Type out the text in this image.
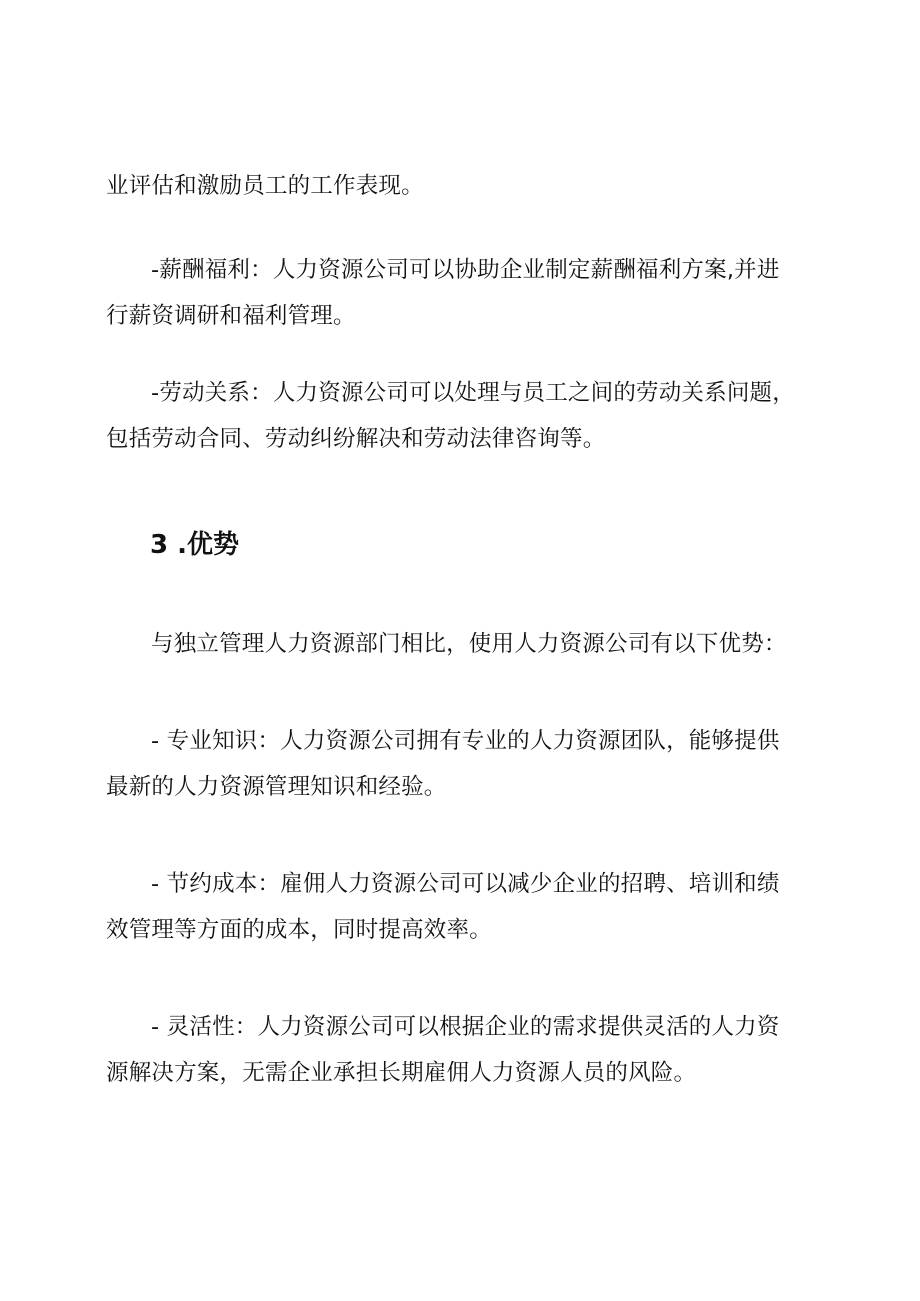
业评估和激励员工的工作表现。

-薪酬福利：人力资源公司可以协助企业制定薪酬福利方案,并进行薪资调研和福利管理。

-劳动关系：人力资源公司可以处理与员工之间的劳动关系问题，包括劳动合同、劳动纠纷解决和劳动法律咨询等。

3 .优势

与独立管理人力资源部门相比，使用人力资源公司有以下优势：

- 专业知识：人力资源公司拥有专业的人力资源团队，能够提供最新的人力资源管理知识和经验。

- 节约成本：雇佣人力资源公司可以减少企业的招聘、培训和绩效管理等方面的成本，同时提高效率。

- 灵活性：人力资源公司可以根据企业的需求提供灵活的人力资源解决方案，无需企业承担长期雇佣人力资源人员的风险。
